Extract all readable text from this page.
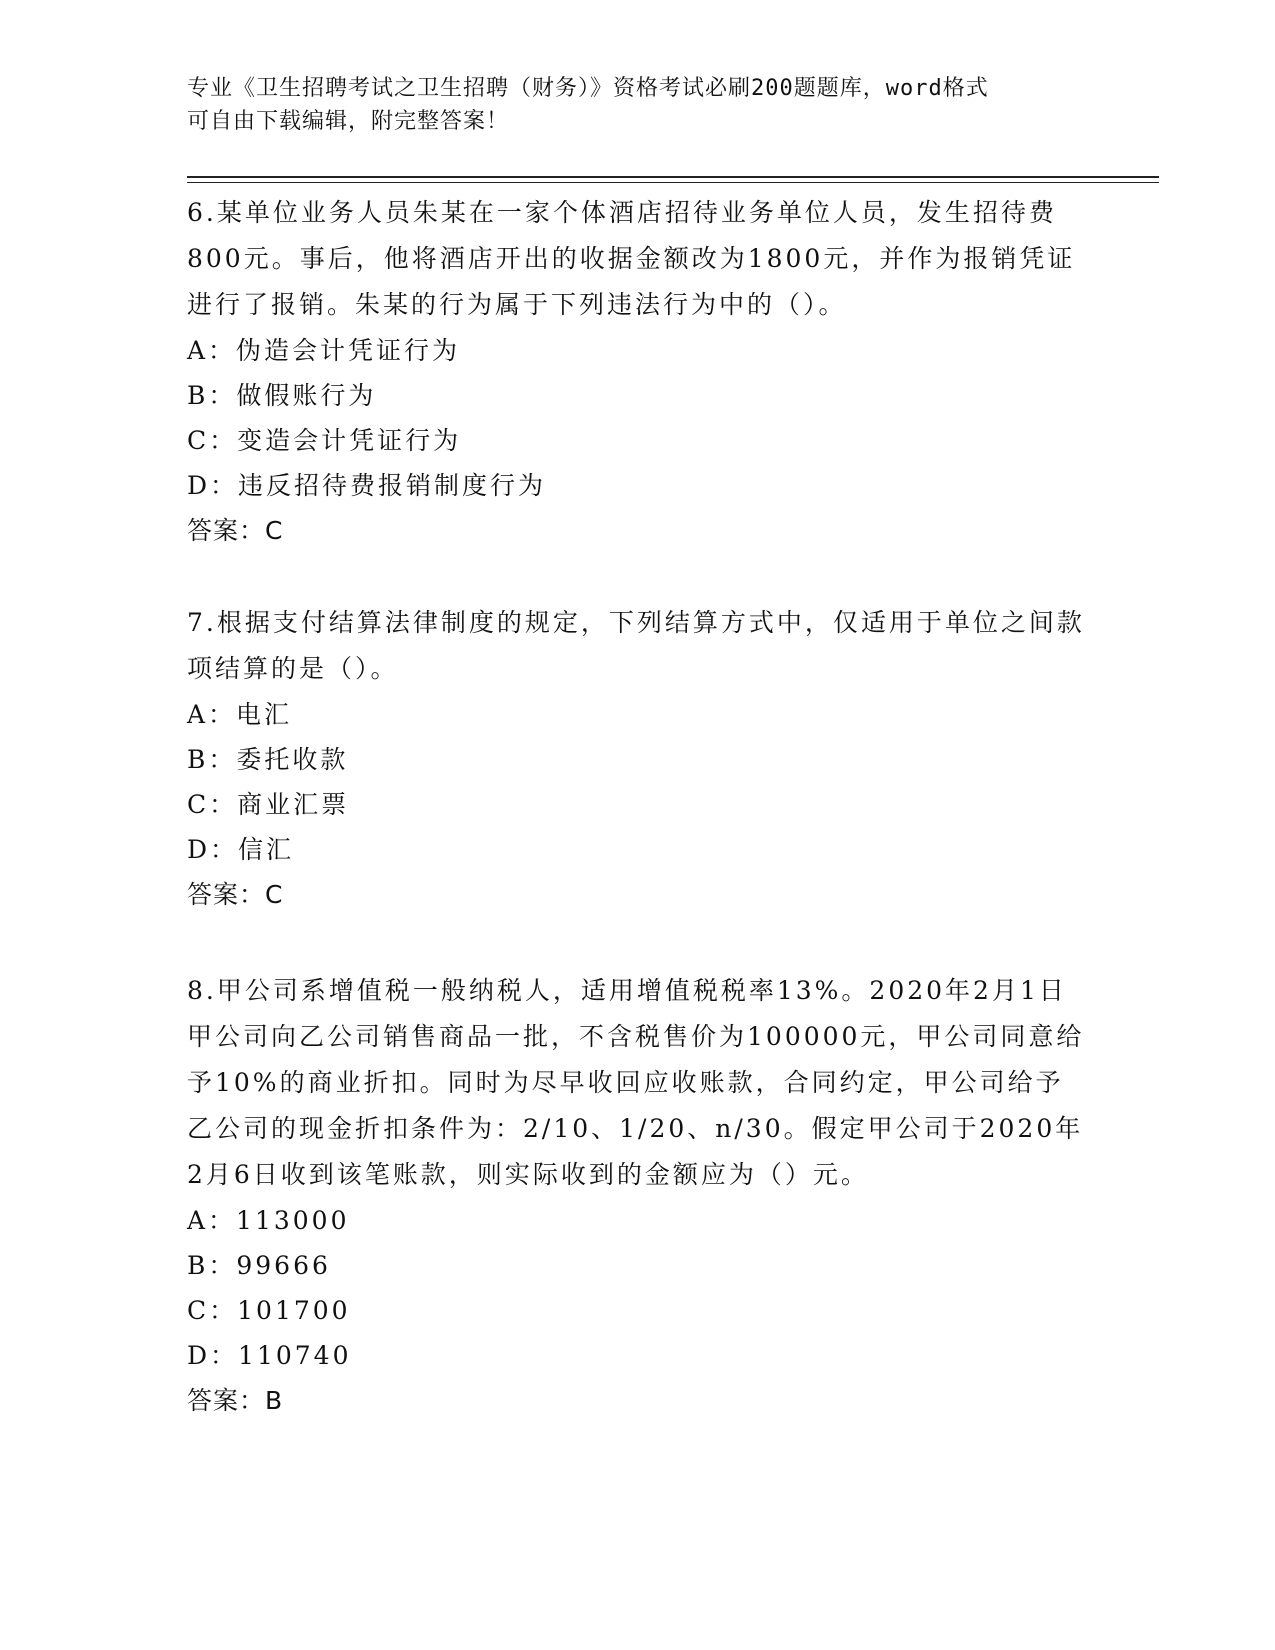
专业《卫生招聘考试之卫生招聘（财务）》资格考试必刷200题题库，word格式
可自由下载编辑，附完整答案！

6.某单位业务人员朱某在一家个体酒店招待业务单位人员，发生招待费800元。事后，他将酒店开出的收据金额改为1800元，并作为报销凭证进行了报销。朱某的行为属于下列违法行为中的（）。

A：伪造会计凭证行为

B：做假账行为

C：变造会计凭证行为

D：违反招待费报销制度行为

答案：C

7.根据支付结算法律制度的规定，下列结算方式中，仅适用于单位之间款项结算的是（）。

A：电汇

B：委托收款

C：商业汇票

D：信汇

答案：C

8.甲公司系增值税一般纳税人，适用增值税税率13%。2020年2月1日甲公司向乙公司销售商品一批，不含税售价为100000元，甲公司同意给予10%的商业折扣。同时为尽早收回应收账款，合同约定，甲公司给予乙公司的现金折扣条件为：2/10、1/20、n/30。假定甲公司于2020年2月6日收到该笔账款，则实际收到的金额应为（）元。

A：113000

B：99666

C：101700

D：110740

答案：B
